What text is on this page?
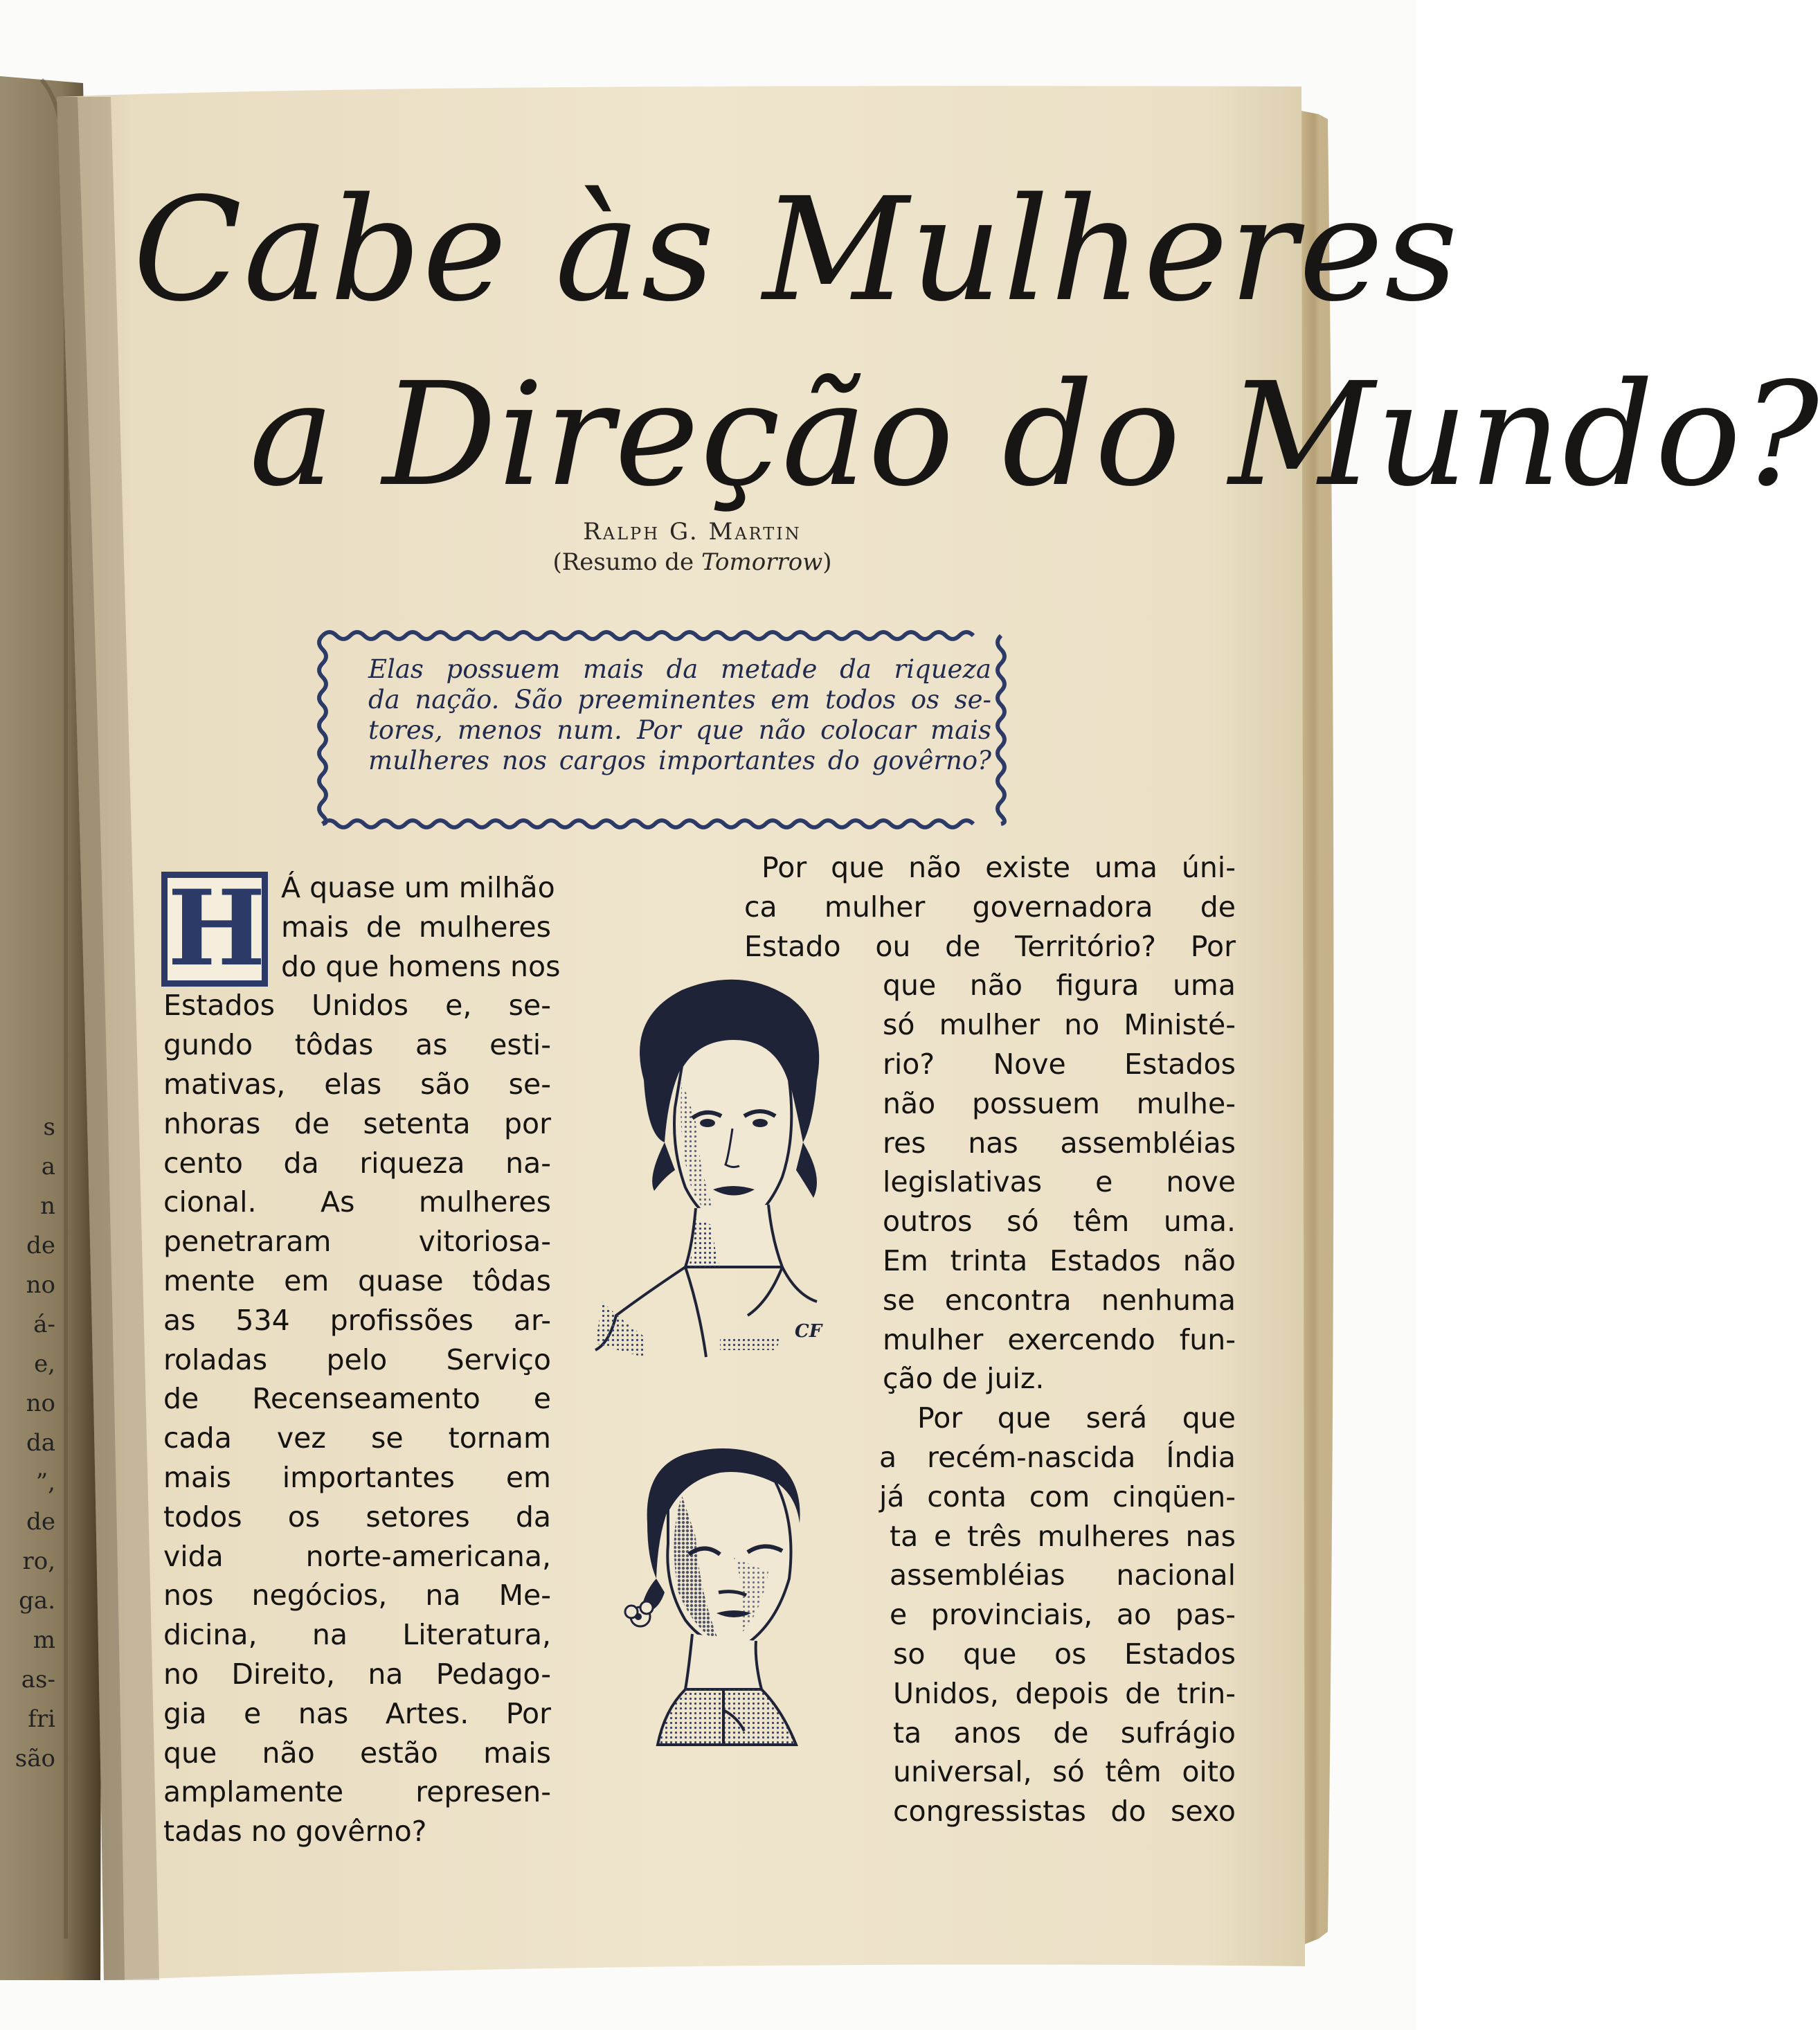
Cabe às Mulheres
a Direção do Mundo?
Ralph G. Martin
(Resumo de Tomorrow)
Elas possuem mais da metade da riqueza
da nação. São preeminentes em todos os se-
tores, menos num. Por que não colocar mais
mulheres nos cargos importantes do govêrno?
H Á quase um milhão
mais de mulheres
do que homens nos
Estados Unidos e, se-
gundo tôdas as esti-
mativas, elas são se-
nhoras de setenta por
cento da riqueza na-
cional. As mulheres
penetraram vitoriosa-
mente em quase tôdas
as 534 profissões ar-
roladas pelo Serviço
de Recenseamento e
cada vez se tornam
mais importantes em
todos os setores da
vida norte-americana,
nos negócios, na Me-
dicina, na Literatura,
no Direito, na Pedago-
gia e nas Artes. Por
que não estão mais
amplamente represen-
tadas no govêrno?
Por que não existe uma úni-
ca mulher governadora de
Estado ou de Território? Por
que não figura uma
só mulher no Ministé-
rio? Nove Estados
não possuem mulhe-
res nas assembléias
legislativas e nove
outros só têm uma.
Em trinta Estados não
se encontra nenhuma
mulher exercendo fun-
ção de juiz.
Por que será que
a recém-nascida Índia
já conta com cinqüen-
ta e três mulheres nas
assembléias nacional
e provinciais, ao pas-
so que os Estados
Unidos, depois de trin-
ta anos de sufrágio
universal, só têm oito
congressistas do sexo
CF
s
a
n
de
no
á-
e,
no
da
”,
de
ro,
ga.
m
as-
fri
são
